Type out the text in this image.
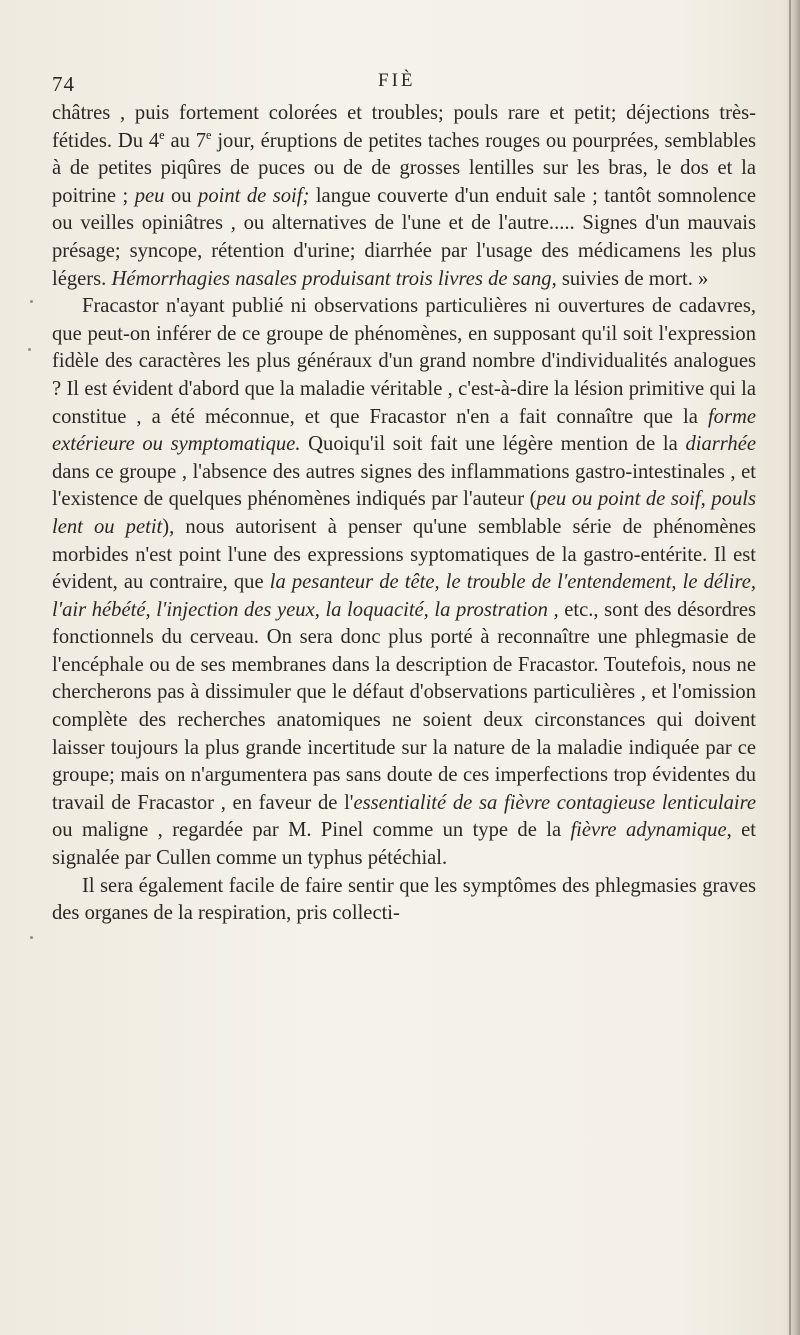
74	FIÈ

châtres , puis fortement colorées et troubles; pouls rare et petit; déjections très-fétides. Du 4e au 7e jour, éruptions de petites taches rouges ou pourprées, semblables à de petites piqûres de puces ou de de grosses lentilles sur les bras, le dos et la poitrine ; peu ou point de soif; langue couverte d'un enduit sale ; tantôt somnolence ou veilles opiniâtres , ou alternatives de l'une et de l'autre..... Signes d'un mauvais présage; syncope, rétention d'urine; diarrhée par l'usage des médicamens les plus légers. Hémorrhagies nasales produisant trois livres de sang, suivies de mort. »

Fracastor n'ayant publié ni observations particulières ni ouvertures de cadavres, que peut-on inférer de ce groupe de phénomènes, en supposant qu'il soit l'expression fidèle des caractères les plus généraux d'un grand nombre d'individualités analogues ? Il est évident d'abord que la maladie véritable , c'est-à-dire la lésion primitive qui la constitue , a été méconnue, et que Fracastor n'en a fait connaître que la forme extérieure ou symptomatique. Quoiqu'il soit fait une légère mention de la diarrhée dans ce groupe , l'absence des autres signes des inflammations gastro-intestinales , et l'existence de quelques phénomènes indiqués par l'auteur (peu ou point de soif, pouls lent ou petit), nous autorisent à penser qu'une semblable série de phénomènes morbides n'est point l'une des expressions syptomatiques de la gastro-entérite. Il est évident, au contraire, que la pesanteur de tête, le trouble de l'entendement, le délire, l'air hébété, l'injection des yeux, la loquacité, la prostration , etc., sont des désordres fonctionnels du cerveau. On sera donc plus porté à reconnaître une phlegmasie de l'encéphale ou de ses membranes dans la description de Fracastor. Toutefois, nous ne chercherons pas à dissimuler que le défaut d'observations particulières , et l'omission complète des recherches anatomiques ne soient deux circonstances qui doivent laisser toujours la plus grande incertitude sur la nature de la maladie indiquée par ce groupe; mais on n'argumentera pas sans doute de ces imperfections trop évidentes du travail de Fracastor , en faveur de l'essentialité de sa fièvre contagieuse lenticulaire ou maligne , regardée par M. Pinel comme un type de la fièvre adynamique, et signalée par Cullen comme un typhus pétéchial.

Il sera également facile de faire sentir que les symptômes des phlegmasies graves des organes de la respiration, pris collecti-
